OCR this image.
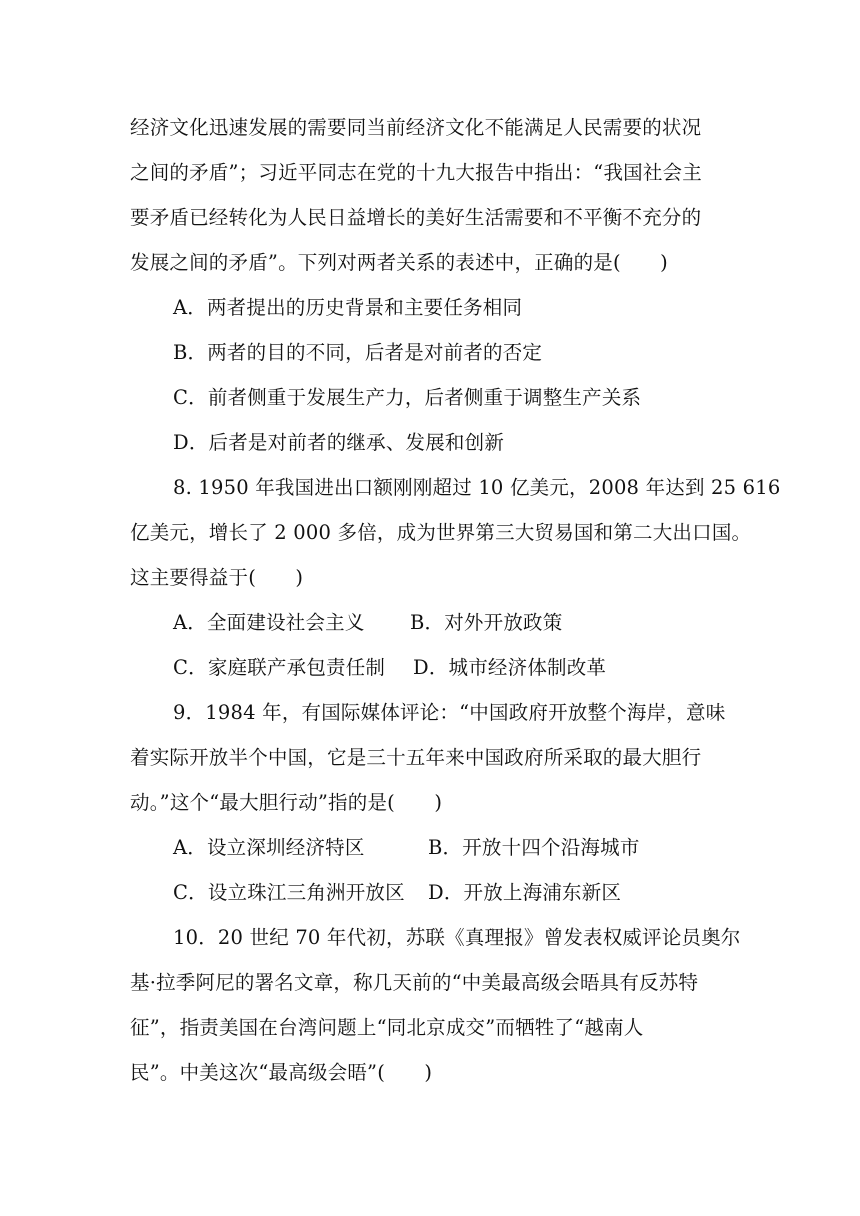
经济文化迅速发展的需要同当前经济文化不能满足人民需要的状况
之间的矛盾”；习近平同志在党的十九大报告中指出：“我国社会主
要矛盾已经转化为人民日益增长的美好生活需要和不平衡不充分的
发展之间的矛盾”。下列对两者关系的表述中，正确的是(　　)
A．两者提出的历史背景和主要任务相同
B．两者的目的不同，后者是对前者的否定
C．前者侧重于发展生产力，后者侧重于调整生产关系
D．后者是对前者的继承、发展和创新
8. 1950 年我国进出口额刚刚超过 10 亿美元，2008 年达到 25 616
亿美元，增长了 2 000 多倍，成为世界第三大贸易国和第二大出口国。
这主要得益于(　　)
A．全面建设社会主义 B．对外开放政策
C．家庭联产承包责任制 D．城市经济体制改革
9．1984 年，有国际媒体评论：“中国政府开放整个海岸，意味
着实际开放半个中国，它是三十五年来中国政府所采取的最大胆行
动。”这个“最大胆行动”指的是(　　)
A．设立深圳经济特区	B．开放十四个沿海城市
C．设立珠江三角洲开放区 D．开放上海浦东新区
10．20 世纪 70 年代初，苏联《真理报》曾发表权威评论员奥尔
基·拉季阿尼的署名文章，称几天前的“中美最高级会晤具有反苏特
征”，指责美国在台湾问题上“同北京成交”而牺牲了“越南人
民”。中美这次“最高级会晤”(　　)
